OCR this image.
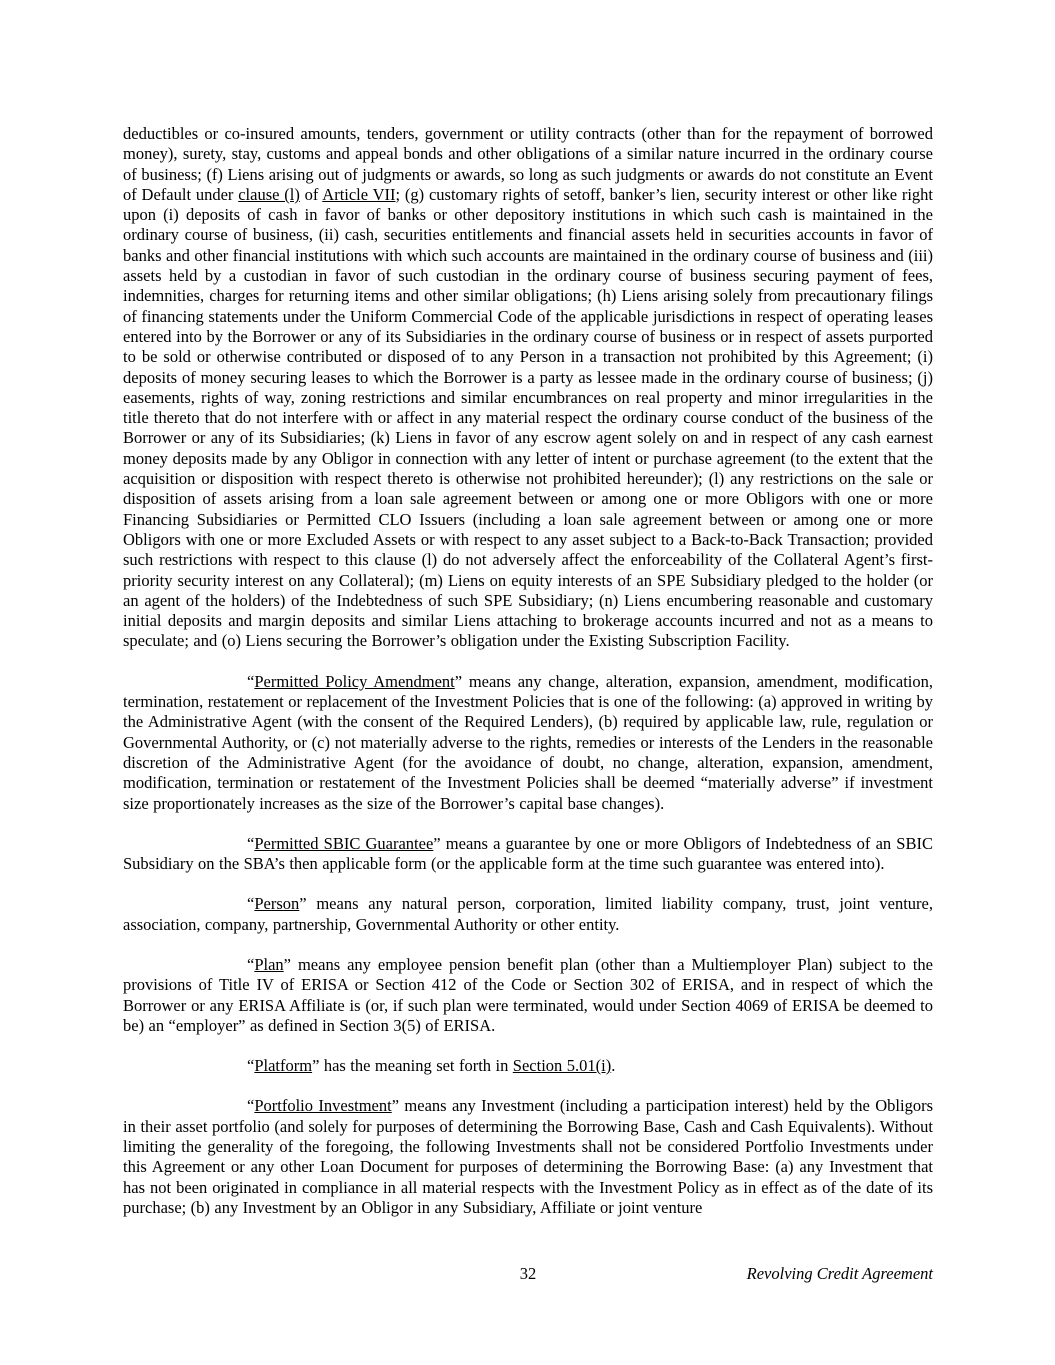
deductibles or co-insured amounts, tenders, government or utility contracts (other than for the repayment of borrowed money), surety, stay, customs and appeal bonds and other obligations of a similar nature incurred in the ordinary course of business; (f) Liens arising out of judgments or awards, so long as such judgments or awards do not constitute an Event of Default under clause (l) of Article VII; (g) customary rights of setoff, banker’s lien, security interest or other like right upon (i) deposits of cash in favor of banks or other depository institutions in which such cash is maintained in the ordinary course of business, (ii) cash, securities entitlements and financial assets held in securities accounts in favor of banks and other financial institutions with which such accounts are maintained in the ordinary course of business and (iii) assets held by a custodian in favor of such custodian in the ordinary course of business securing payment of fees, indemnities, charges for returning items and other similar obligations; (h) Liens arising solely from precautionary filings of financing statements under the Uniform Commercial Code of the applicable jurisdictions in respect of operating leases entered into by the Borrower or any of its Subsidiaries in the ordinary course of business or in respect of assets purported to be sold or otherwise contributed or disposed of to any Person in a transaction not prohibited by this Agreement; (i) deposits of money securing leases to which the Borrower is a party as lessee made in the ordinary course of business; (j) easements, rights of way, zoning restrictions and similar encumbrances on real property and minor irregularities in the title thereto that do not interfere with or affect in any material respect the ordinary course conduct of the business of the Borrower or any of its Subsidiaries; (k) Liens in favor of any escrow agent solely on and in respect of any cash earnest money deposits made by any Obligor in connection with any letter of intent or purchase agreement (to the extent that the acquisition or disposition with respect thereto is otherwise not prohibited hereunder); (l) any restrictions on the sale or disposition of assets arising from a loan sale agreement between or among one or more Obligors with one or more Financing Subsidiaries or Permitted CLO Issuers (including a loan sale agreement between or among one or more Obligors with one or more Excluded Assets or with respect to any asset subject to a Back-to-Back Transaction; provided such restrictions with respect to this clause (l) do not adversely affect the enforceability of the Collateral Agent’s first-priority security interest on any Collateral); (m) Liens on equity interests of an SPE Subsidiary pledged to the holder (or an agent of the holders) of the Indebtedness of such SPE Subsidiary; (n) Liens encumbering reasonable and customary initial deposits and margin deposits and similar Liens attaching to brokerage accounts incurred and not as a means to speculate; and (o) Liens securing the Borrower’s obligation under the Existing Subscription Facility.

“Permitted Policy Amendment” means any change, alteration, expansion, amendment, modification, termination, restatement or replacement of the Investment Policies that is one of the following: (a) approved in writing by the Administrative Agent (with the consent of the Required Lenders), (b) required by applicable law, rule, regulation or Governmental Authority, or (c) not materially adverse to the rights, remedies or interests of the Lenders in the reasonable discretion of the Administrative Agent (for the avoidance of doubt, no change, alteration, expansion, amendment, modification, termination or restatement of the Investment Policies shall be deemed “materially adverse” if investment size proportionately increases as the size of the Borrower’s capital base changes).

“Permitted SBIC Guarantee” means a guarantee by one or more Obligors of Indebtedness of an SBIC Subsidiary on the SBA’s then applicable form (or the applicable form at the time such guarantee was entered into).

“Person” means any natural person, corporation, limited liability company, trust, joint venture, association, company, partnership, Governmental Authority or other entity.

“Plan” means any employee pension benefit plan (other than a Multiemployer Plan) subject to the provisions of Title IV of ERISA or Section 412 of the Code or Section 302 of ERISA, and in respect of which the Borrower or any ERISA Affiliate is (or, if such plan were terminated, would under Section 4069 of ERISA be deemed to be) an “employer” as defined in Section 3(5) of ERISA.

“Platform” has the meaning set forth in Section 5.01(i).

“Portfolio Investment” means any Investment (including a participation interest) held by the Obligors in their asset portfolio (and solely for purposes of determining the Borrowing Base, Cash and Cash Equivalents). Without limiting the generality of the foregoing, the following Investments shall not be considered Portfolio Investments under this Agreement or any other Loan Document for purposes of determining the Borrowing Base: (a) any Investment that has not been originated in compliance in all material respects with the Investment Policy as in effect as of the date of its purchase; (b) any Investment by an Obligor in any Subsidiary, Affiliate or joint venture

32	Revolving Credit Agreement
